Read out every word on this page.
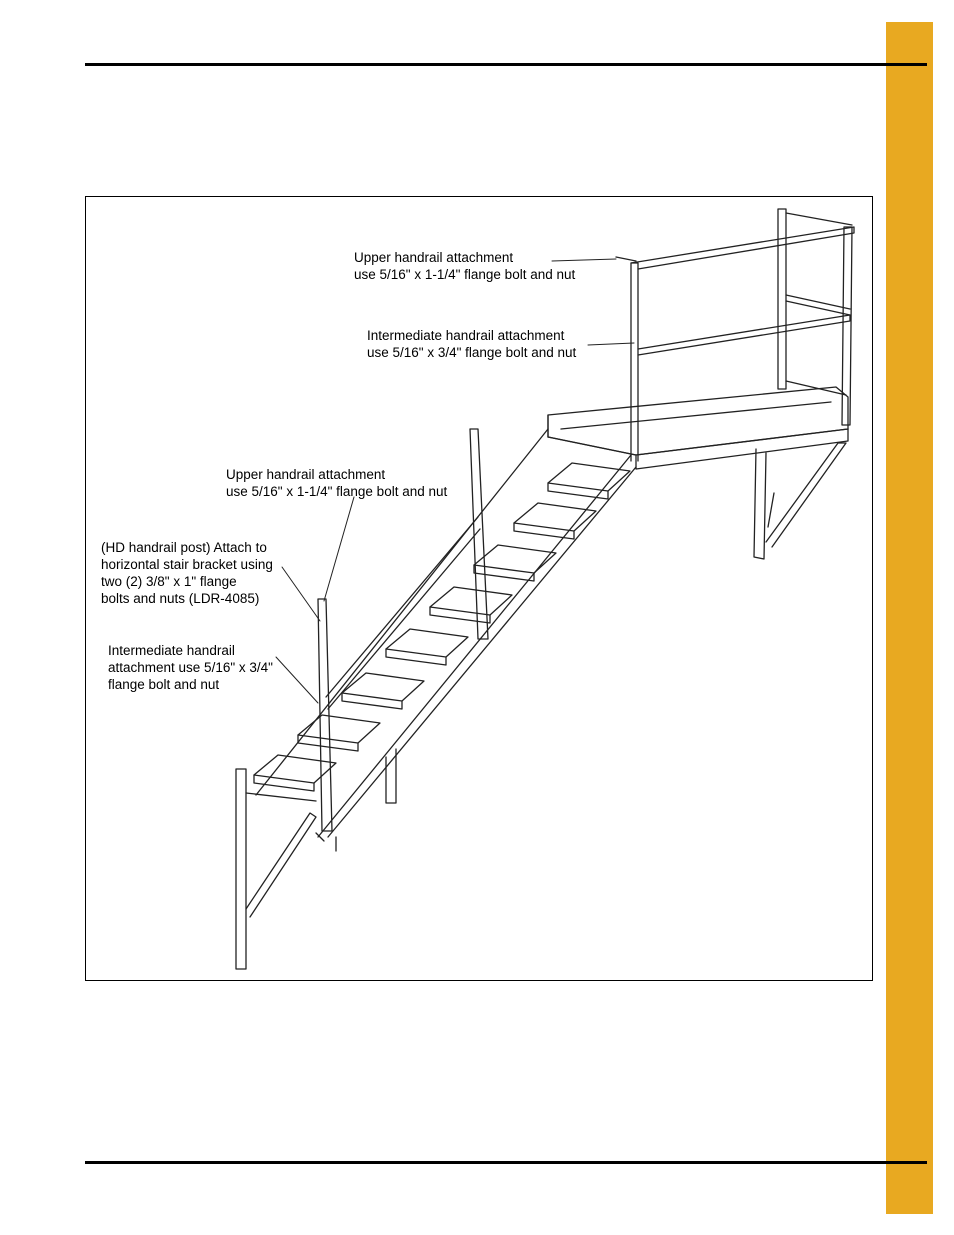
Upper handrail attachment
use 5/16" x 1-1/4" flange bolt and nut
Intermediate handrail attachment
use 5/16" x 3/4" flange bolt and nut
Upper handrail attachment
use 5/16" x 1-1/4" flange bolt and nut
(HD handrail post) Attach to
horizontal stair bracket using
two (2) 3/8" x 1" flange
bolts and nuts (LDR-4085)
Intermediate handrail
attachment use 5/16" x 3/4"
flange bolt and nut
